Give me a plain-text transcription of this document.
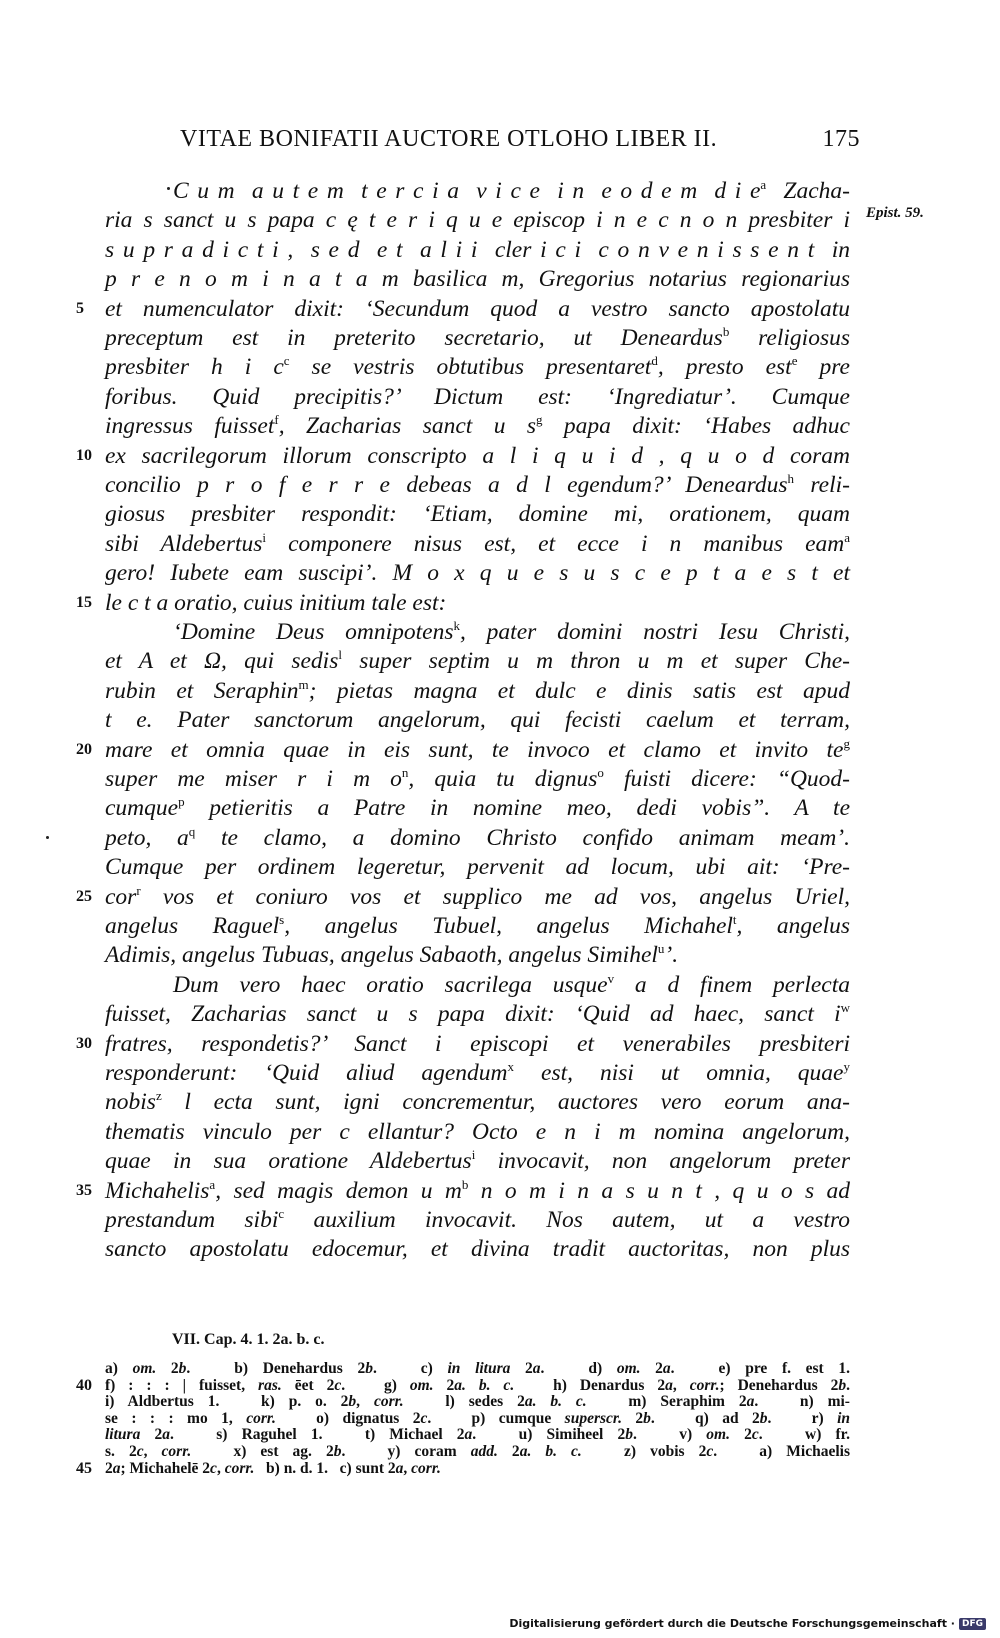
VITAE BONIFATII AUCTORE OTLOHO LIBER II.	175
Epist. 59.
C u m  a u t e m  t e r c i a  v i c e  i n  e o d e m  d i $e^a$  Zacha-
ria s sanct u s papa c ę t e r i q u e episcop i n e c n o n presbiter i
s u p r a d i c t i ,  s e d  e t  a l i i  cler i c i  c o n v e n i s s e n t  in
p r e n o m i n a t a m basilica m, Gregorius notarius regionarius
et numenculator dixit: ‘Secundum quod a vestro sancto apostolatu
5
preceptum est in preterito secretario, ut Deneardus$^b$ religiosus
presbiter h i $c^c$ se vestris obtutibus presentaret$^d$, presto est$^e$ pre
foribus. Quid precipitis?’ Dictum est: ‘Ingrediatur’. Cumque
ingressus fuisset$^f$, Zacharias sanct u $s^g$ papa dixit: ‘Habes adhuc
ex sacrilegorum illorum conscripto a l i q u i d , q u o d coram
10
concilio p r o f e r r e debeas a d l egendum?’ Deneardus$^h$ reli-
giosus presbiter respondit: ‘Etiam, domine mi, orationem, quam
sibi Aldebertus$^i$ componere nisus est, et ecce i n manibus eam$^a$
gero! Iubete eam suscipi’. M o x q u e s u s c e p t a e s t et
le c t a oratio, cuius initium tale est:
15
‘Domine Deus omnipotens$^k$, pater domini nostri Iesu Christi,
et A et Ω, qui sedis$^l$ super septim u m thron u m et super Che-
rubin et Seraphin$^m$; pietas magna et dulc e dinis satis est apud
t e. Pater sanctorum angelorum, qui fecisti caelum et terram,
mare et omnia quae in eis sunt, te invoco et clamo et invito $te^g$
20
super me miser r i m $o^n$, quia tu dignus$^o$ fuisti dicere: “Quod-
cumque$^p$ petieritis a Patre in nomine meo, dedi vobis”. A te
peto, $a^q$ te clamo, a domino Christo confido animam meam’.
Cumque per ordinem legeretur, pervenit ad locum, ubi ait: ‘Pre-
cor$^r$ vos et coniuro vos et supplico me ad vos, angelus Uriel,
25
angelus Raguel$^s$, angelus Tubuel, angelus Michahel$^t$, angelus
Adimis, angelus Tubuas, angelus Sabaoth, angelus Simihel$^u$’.
Dum vero haec oratio sacrilega usque$^v$ a d finem perlecta
fuisset, Zacharias sanct u s papa dixit: ‘Quid ad haec, sanct $i^w$
fratres, respondetis?’ Sanct i episcopi et venerabiles presbiteri
30
responderunt: ‘Quid aliud agendum$^x$ est, nisi ut omnia, quae$^y$
nobis$^z$ l ecta sunt, igni concrementur, auctores vero eorum ana-
thematis vinculo per c ellantur? Octo e n i m nomina angelorum,
quae in sua oratione Aldebertus$^i$ invocavit, non angelorum preter
Michahelis$^a$, sed magis demon u $m^b$ n o m i n a s u n t , q u o s ad
35
prestandum sibi$^c$ auxilium invocavit. Nos autem, ut a vestro
sancto apostolatu edocemur, et divina tradit auctoritas, non plus
VII. Cap. 4. 1. 2a. b. c.
a) om. 2b.   b) Denehardus 2b.   c) in litura 2a.   d) om. 2a.   e) pre f. est 1.
f) : : : | fuisset, ras. ēet 2c.   g) om. 2a. b. c.   h) Denardus 2a, corr.; Denehardus 2b.
40
i) Aldbertus 1.   k) p. o. 2b, corr.   l) sedes 2a. b. c.   m) Seraphim 2a.   n) mi-
se : : : mo 1, corr.   o) dignatus 2c.   p) cumque superscr. 2b.   q) ad 2b.   r) in
litura 2a.   s) Raguhel 1.   t) Michael 2a.   u) Simiheel 2b.   v) om. 2c.   w) fr.
s. 2c, corr.   x) est ag. 2b.   y) coram add. 2a. b. c.   z) vobis 2c.   a) Michaelis
2a; Michahelē 2c, corr.   b) n. d. 1.   c) sunt 2a, corr.
45
Digitalisierung gefördert durch die Deutsche Forschungsgemeinschaft · DFG
